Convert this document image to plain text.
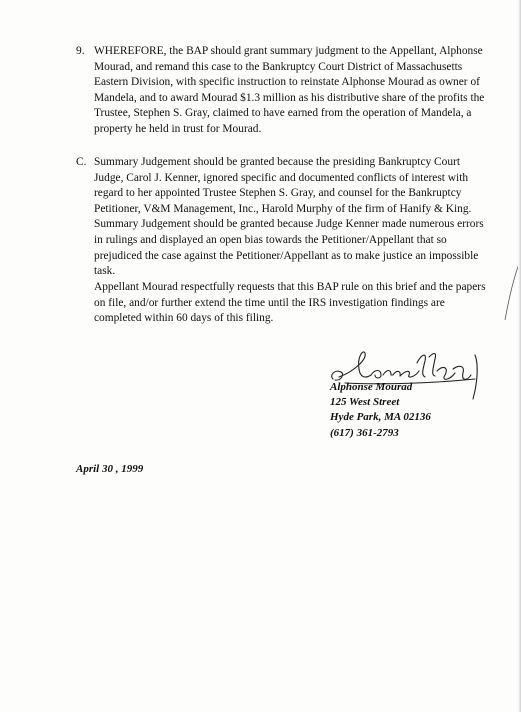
9. WHEREFORE, the BAP should grant summary judgment to the Appellant, Alphonse
Mourad, and remand this case to the Bankruptcy Court District of Massachusetts
Eastern Division, with specific instruction to reinstate Alphonse Mourad as owner of
Mandela, and to award Mourad $1.3 million as his distributive share of the profits the
Trustee, Stephen S. Gray, claimed to have earned from the operation of Mandela, a
property he held in trust for Mourad.
C. Summary Judgement should be granted because the presiding Bankruptcy Court
Judge, Carol J. Kenner, ignored specific and documented conflicts of interest with
regard to her appointed Trustee Stephen S. Gray, and counsel for the Bankruptcy
Petitioner, V&M Management, Inc., Harold Murphy of the firm of Hanify & King.
Summary Judgement should be granted because Judge Kenner made numerous errors
in rulings and displayed an open bias towards the Petitioner/Appellant that so
prejudiced the case against the Petitioner/Appellant as to make justice an impossible
task.

Appellant Mourad respectfully requests that this BAP rule on this brief and the papers
on file, and/or further extend the time until the IRS investigation findings are
completed within 60 days of this filing.

Alphonse Mourad
125 West Street
Hyde Park, MA 02136
(617) 361-2793
April 30 , 1999
